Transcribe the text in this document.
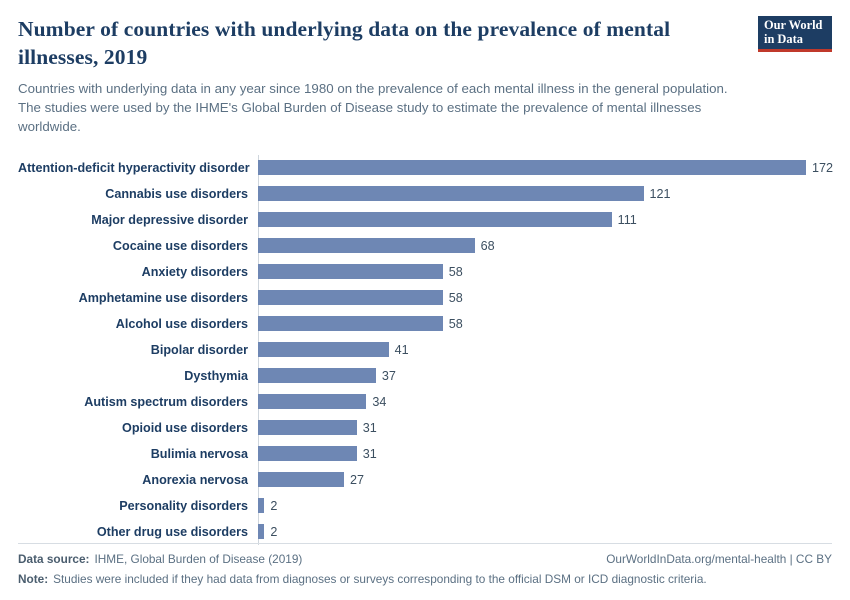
Number of countries with underlying data on the prevalence of mental illnesses, 2019

Countries with underlying data in any year since 1980 on the prevalence of each mental illness in the general population. The studies were used by the IHME's Global Burden of Disease study to estimate the prevalence of mental illnesses worldwide.

Our World
in Data
Attention-deficit hyperactivity disorder	172
Cannabis use disorders	121
Major depressive disorder	111
Cocaine use disorders	68
Anxiety disorders	58
Amphetamine use disorders	58
Alcohol use disorders	58
Bipolar disorder	41
Dysthymia	37
Autism spectrum disorders	34
Opioid use disorders	31
Bulimia nervosa	31
Anorexia nervosa	27
Personality disorders	2
Other drug use disorders	2
Data source: IHME, Global Burden of Disease (2019)	OurWorldInData.org/mental-health | CC BY
Note: Studies were included if they had data from diagnoses or surveys corresponding to the official DSM or ICD diagnostic criteria.
